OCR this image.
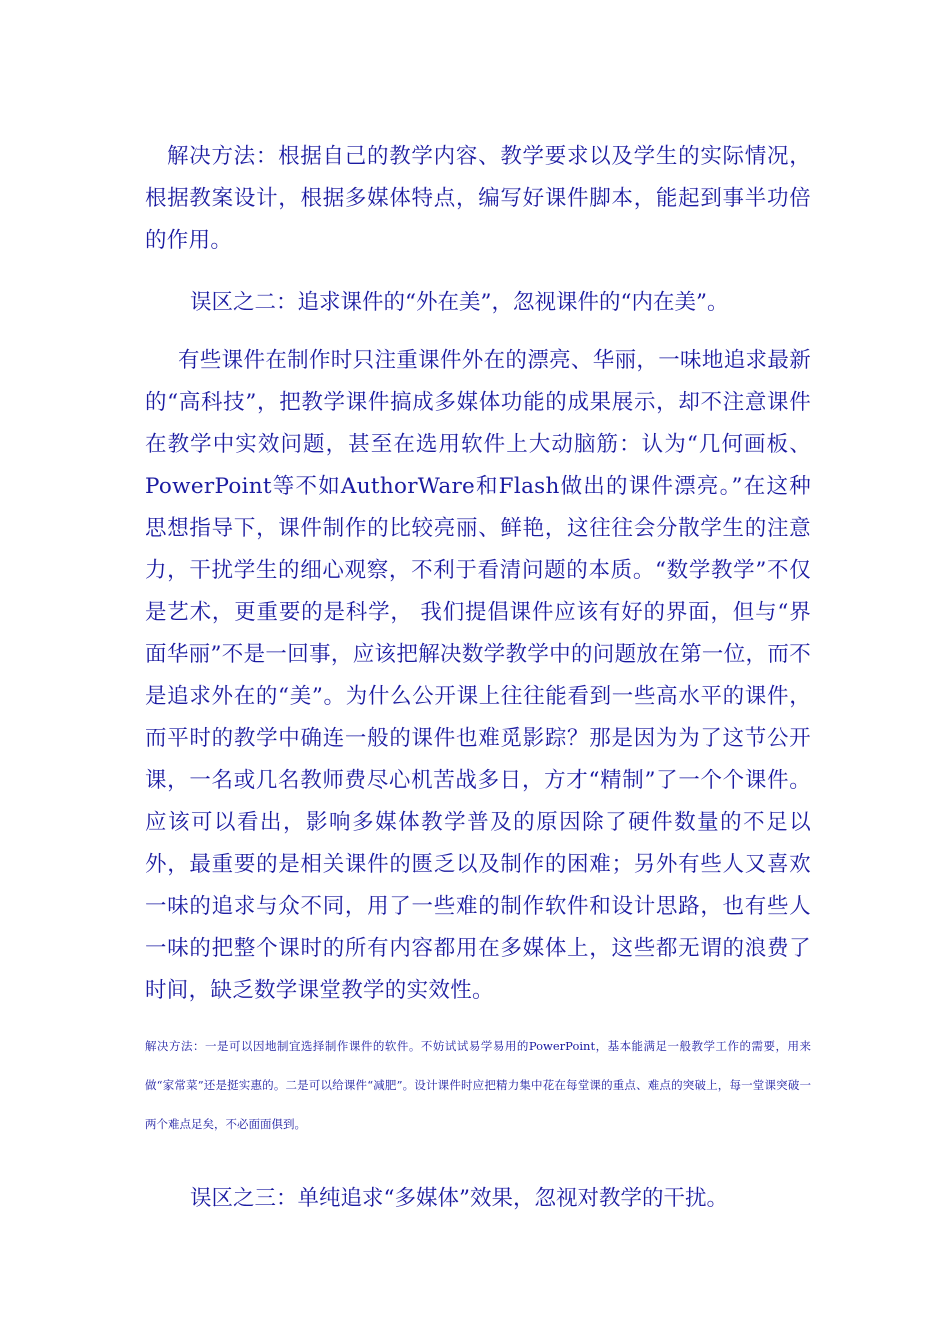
解决方法：根据自己的教学内容、教学要求以及学生的实际情况，根据教案设计，根据多媒体特点，编写好课件脚本，能起到事半功倍的作用。

误区之二：追求课件的“外在美”，忽视课件的“内在美”。

有些课件在制作时只注重课件外在的漂亮、华丽，一味地追求最新的“高科技”，把教学课件搞成多媒体功能的成果展示，却不注意课件在教学中实效问题，甚至在选用软件上大动脑筋：认为“几何画板、PowerPoint等不如AuthorWare和Flash做出的课件漂亮。”在这种思想指导下，课件制作的比较亮丽、鲜艳，这往往会分散学生的注意力，干扰学生的细心观察，不利于看清问题的本质。“数学教学”不仅是艺术，更重要的是科学， 我们提倡课件应该有好的界面，但与“界面华丽”不是一回事，应该把解决数学教学中的问题放在第一位，而不是追求外在的“美”。为什么公开课上往往能看到一些高水平的课件，而平时的教学中确连一般的课件也难觅影踪？那是因为为了这节公开课，一名或几名教师费尽心机苦战多日，方才“精制”了一个个课件。应该可以看出，影响多媒体教学普及的原因除了硬件数量的不足以外，最重要的是相关课件的匮乏以及制作的困难；另外有些人又喜欢一味的追求与众不同，用了一些难的制作软件和设计思路，也有些人一味的把整个课时的所有内容都用在多媒体上，这些都无谓的浪费了时间，缺乏数学课堂教学的实效性。

解决方法：一是可以因地制宜选择制作课件的软件。不妨试试易学易用的PowerPoint，基本能满足一般教学工作的需要，用来做“家常菜”还是挺实惠的。二是可以给课件“减肥”。设计课件时应把精力集中花在每堂课的重点、难点的突破上，每一堂课突破一两个难点足矣，不必面面俱到。

误区之三：单纯追求“多媒体”效果，忽视对教学的干扰。
